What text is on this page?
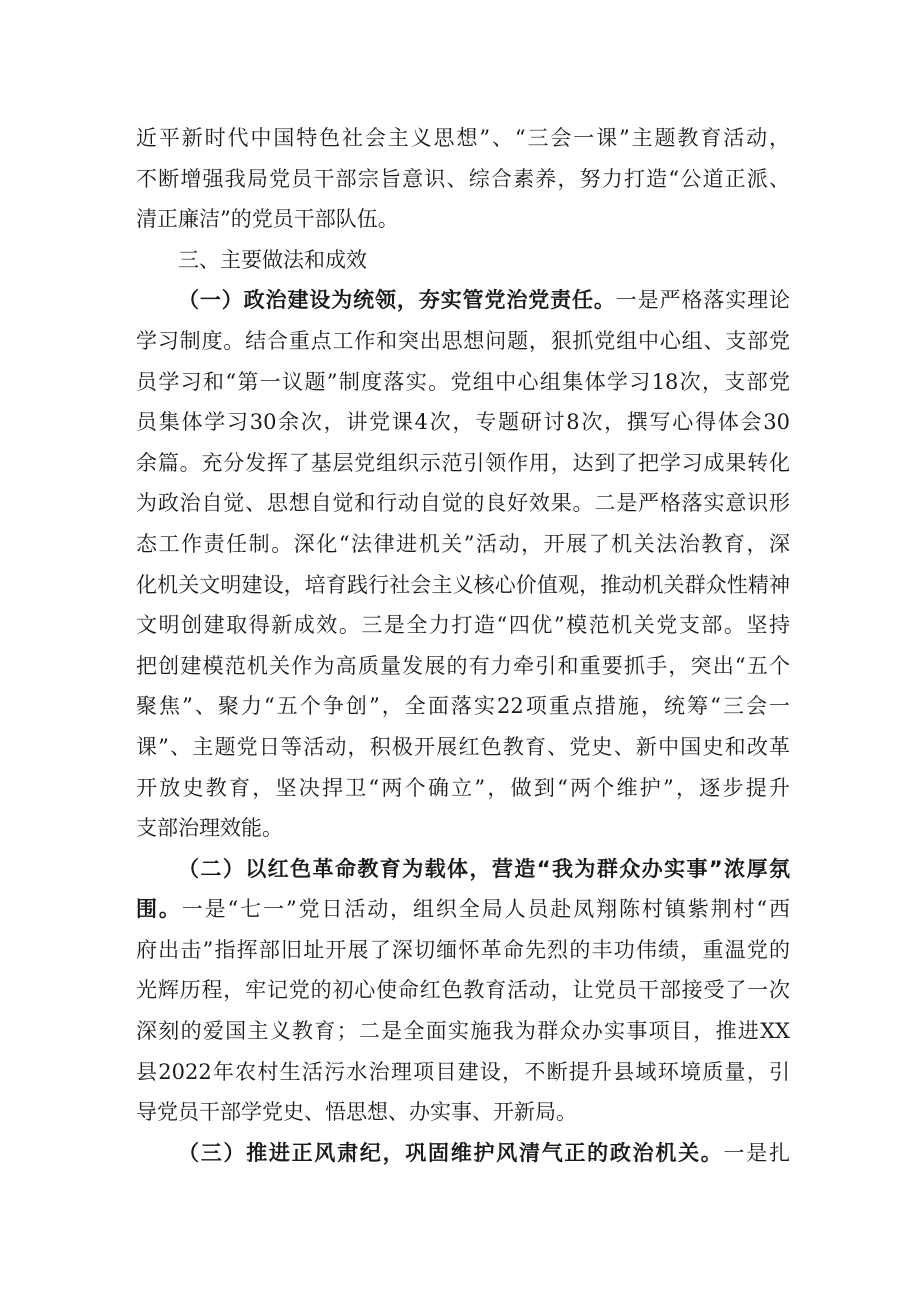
近平新时代中国特色社会主义思想”、“三会一课”主题教育活动，
不断增强我局党员干部宗旨意识、综合素养，努力打造“公道正派、
清正廉洁”的党员干部队伍。
三、主要做法和成效
（一）政治建设为统领，夯实管党治党责任。一是严格落实理论
学习制度。结合重点工作和突出思想问题，狠抓党组中心组、支部党
员学习和“第一议题”制度落实。党组中心组集体学习18次，支部党
员集体学习30余次，讲党课4次，专题研讨8次，撰写心得体会30
余篇。充分发挥了基层党组织示范引领作用，达到了把学习成果转化
为政治自觉、思想自觉和行动自觉的良好效果。二是严格落实意识形
态工作责任制。深化“法律进机关”活动，开展了机关法治教育，深
化机关文明建设，培育践行社会主义核心价值观，推动机关群众性精神
文明创建取得新成效。三是全力打造“四优”模范机关党支部。坚持
把创建模范机关作为高质量发展的有力牵引和重要抓手，突出“五个
聚焦”、聚力“五个争创”，全面落实22项重点措施，统筹“三会一
课”、主题党日等活动，积极开展红色教育、党史、新中国史和改革
开放史教育，坚决捍卫“两个确立”，做到“两个维护”，逐步提升
支部治理效能。
（二）以红色革命教育为载体，营造“我为群众办实事”浓厚氛
围。一是“七一”党日活动，组织全局人员赴凤翔陈村镇紫荆村“西
府出击”指挥部旧址开展了深切缅怀革命先烈的丰功伟绩，重温党的
光辉历程，牢记党的初心使命红色教育活动，让党员干部接受了一次
深刻的爱国主义教育；二是全面实施我为群众办实事项目，推进XX
县2022年农村生活污水治理项目建设，不断提升县域环境质量，引
导党员干部学党史、悟思想、办实事、开新局。
（三）推进正风肃纪，巩固维护风清气正的政治机关。一是扎
